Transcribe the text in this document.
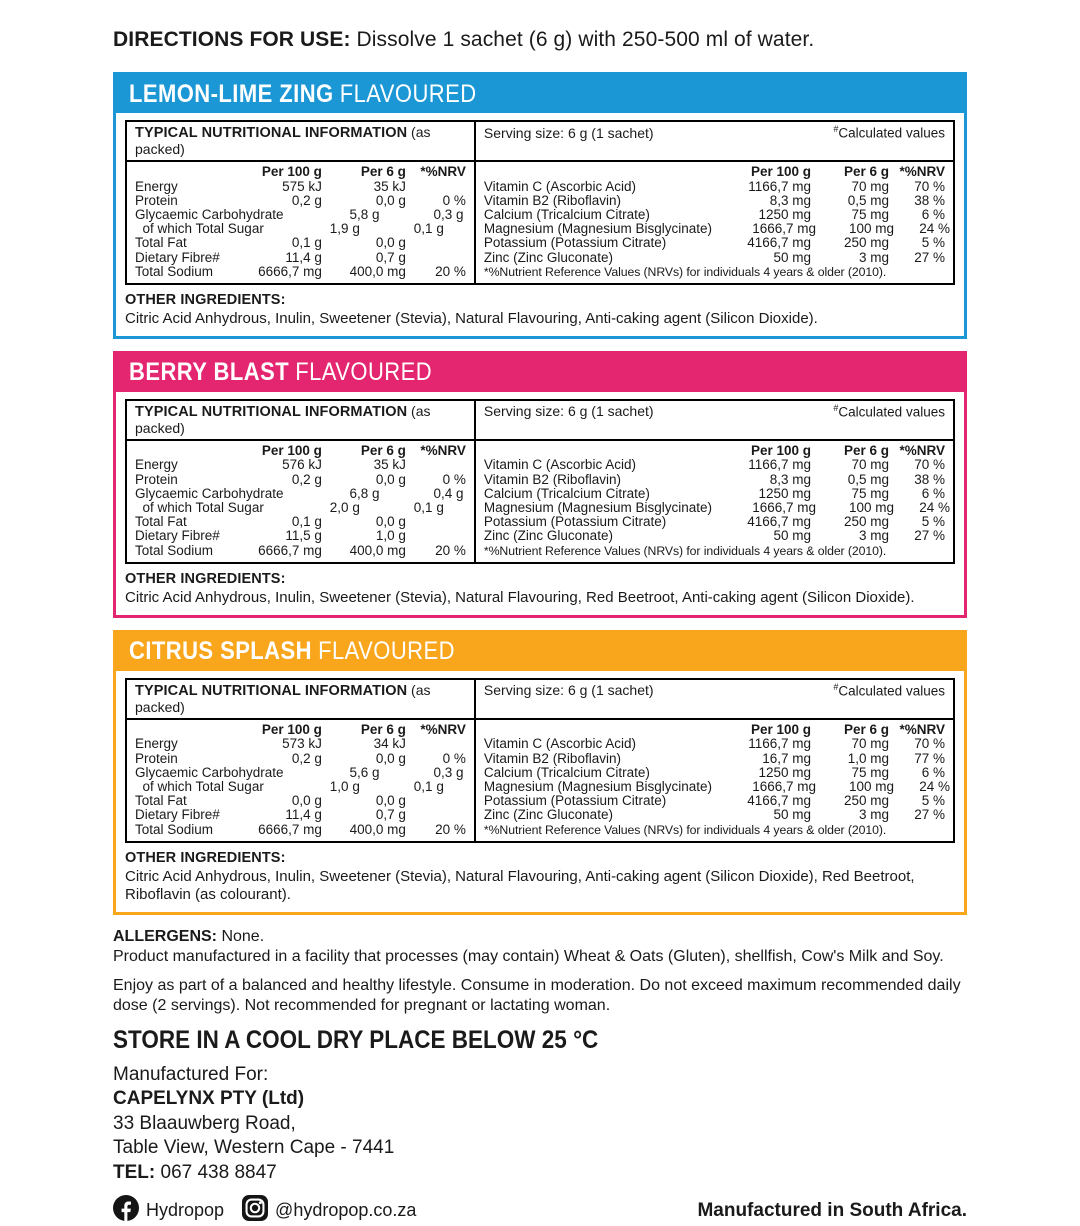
DIRECTIONS FOR USE: Dissolve 1 sachet (6 g) with 250-500 ml of water.
LEMON-LIME ZING FLAVOURED
TYPICAL NUTRITIONAL INFORMATION (as packed)
Serving size: 6 g (1 sachet)	#Calculated values
Per 100 g	Per 6 g	*%NRV
Energy	575 kJ	35 kJ
Protein	0,2 g	0,0 g	0 %
Glycaemic Carbohydrate	5,8 g	0,3 g
of which Total Sugar	1,9 g	0,1 g
Total Fat	0,1 g	0,0 g
Dietary Fibre#	11,4 g	0,7 g
Total Sodium	6666,7 mg	400,0 mg	20 %
Per 100 g	Per 6 g *%NRV
Vitamin C (Ascorbic Acid)	1166,7 mg	70 mg	70 %
Vitamin B2 (Riboflavin)	8,3 mg	0,5 mg	38 %
Calcium (Tricalcium Citrate)	1250 mg	75 mg	6 %
Magnesium (Magnesium Bisglycinate)	1666,7 mg	100 mg	24 %
Potassium (Potassium Citrate)	4166,7 mg	250 mg	5 %
Zinc (Zinc Gluconate)	50 mg	3 mg	27 %
*%Nutrient Reference Values (NRVs) for individuals 4 years & older (2010).
OTHER INGREDIENTS:
Citric Acid Anhydrous, Inulin, Sweetener (Stevia), Natural Flavouring, Anti-caking agent (Silicon Dioxide).
BERRY BLAST FLAVOURED
TYPICAL NUTRITIONAL INFORMATION (as packed)
Serving size: 6 g (1 sachet)	#Calculated values
Per 100 g	Per 6 g	*%NRV
Energy	576 kJ	35 kJ
Protein	0,2 g	0,0 g	0 %
Glycaemic Carbohydrate	6,8 g	0,4 g
of which Total Sugar	2,0 g	0,1 g
Total Fat	0,1 g	0,0 g
Dietary Fibre#	11,5 g	1,0 g
Total Sodium	6666,7 mg	400,0 mg	20 %
Per 100 g	Per 6 g *%NRV
Vitamin C (Ascorbic Acid)	1166,7 mg	70 mg	70 %
Vitamin B2 (Riboflavin)	8,3 mg	0,5 mg	38 %
Calcium (Tricalcium Citrate)	1250 mg	75 mg	6 %
Magnesium (Magnesium Bisglycinate)	1666,7 mg	100 mg	24 %
Potassium (Potassium Citrate)	4166,7 mg	250 mg	5 %
Zinc (Zinc Gluconate)	50 mg	3 mg	27 %
*%Nutrient Reference Values (NRVs) for individuals 4 years & older (2010).
OTHER INGREDIENTS:
Citric Acid Anhydrous, Inulin, Sweetener (Stevia), Natural Flavouring, Red Beetroot, Anti-caking agent (Silicon Dioxide).
CITRUS SPLASH FLAVOURED
TYPICAL NUTRITIONAL INFORMATION (as packed)
Serving size: 6 g (1 sachet)	#Calculated values
Per 100 g	Per 6 g	*%NRV
Energy	573 kJ	34 kJ
Protein	0,2 g	0,0 g	0 %
Glycaemic Carbohydrate	5,6 g	0,3 g
of which Total Sugar	1,0 g	0,1 g
Total Fat	0,0 g	0,0 g
Dietary Fibre#	11,4 g	0,7 g
Total Sodium	6666,7 mg	400,0 mg	20 %
Per 100 g	Per 6 g *%NRV
Vitamin C (Ascorbic Acid)	1166,7 mg	70 mg	70 %
Vitamin B2 (Riboflavin)	16,7 mg	1,0 mg	77 %
Calcium (Tricalcium Citrate)	1250 mg	75 mg	6 %
Magnesium (Magnesium Bisglycinate)	1666,7 mg	100 mg	24 %
Potassium (Potassium Citrate)	4166,7 mg	250 mg	5 %
Zinc (Zinc Gluconate)	50 mg	3 mg	27 %
*%Nutrient Reference Values (NRVs) for individuals 4 years & older (2010).
OTHER INGREDIENTS:
Citric Acid Anhydrous, Inulin, Sweetener (Stevia), Natural Flavouring, Anti-caking agent (Silicon Dioxide), Red Beetroot, Riboflavin (as colourant).
ALLERGENS: None.
Product manufactured in a facility that processes (may contain) Wheat & Oats (Gluten), shellfish, Cow's Milk and Soy.
Enjoy as part of a balanced and healthy lifestyle. Consume in moderation. Do not exceed maximum recommended daily dose (2 servings). Not recommended for pregnant or lactating woman.
STORE IN A COOL DRY PLACE BELOW 25 °C
Manufactured For:
CAPELYNX PTY (Ltd)
33 Blaauwberg Road,
Table View, Western Cape - 7441
TEL: 067 438 8847
Hydropop	@hydropop.co.za	Manufactured in South Africa.
